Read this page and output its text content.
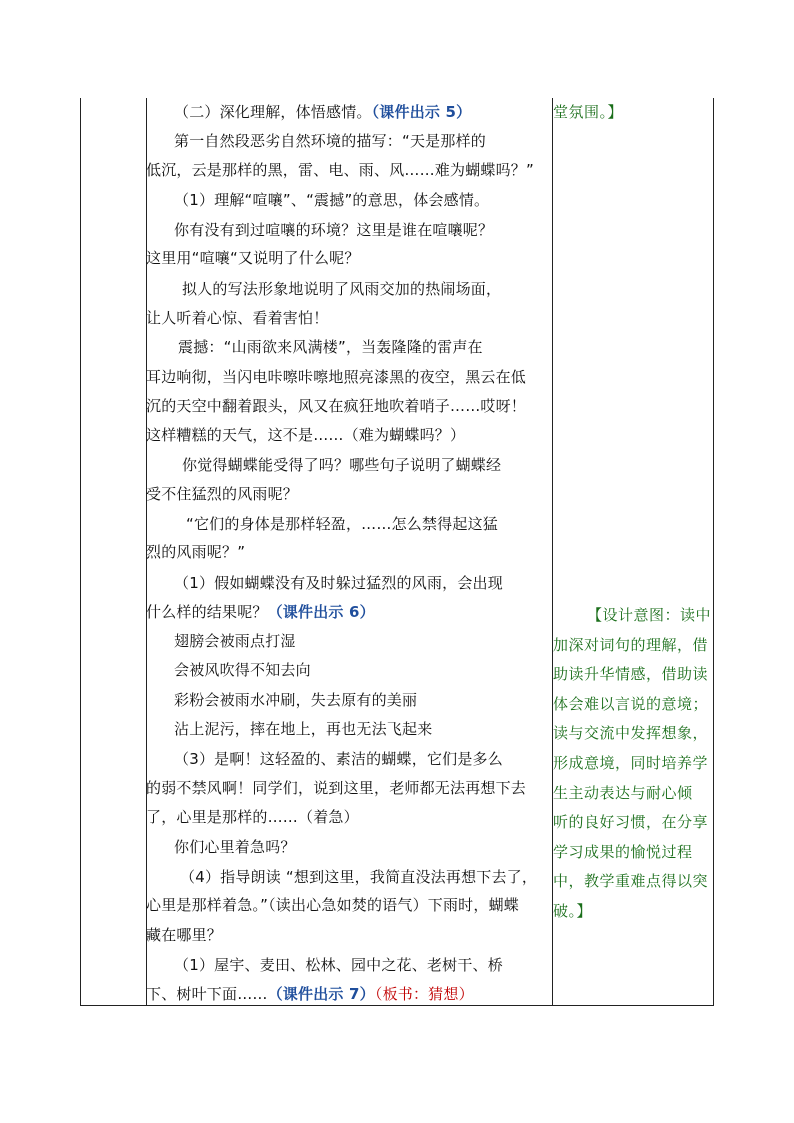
（二）深化理解，体悟感情。（课件出示 5）
第一自然段恶劣自然环境的描写：“天是那样的
低沉，云是那样的黑，雷、电、雨、风……难为蝴蝶吗？”
（1）理解“喧嚷”、“震撼”的意思，体会感情。
你有没有到过喧嚷的环境？这里是谁在喧嚷呢？
这里用“喧嚷“又说明了什么呢？
拟人的写法形象地说明了风雨交加的热闹场面，
让人听着心惊、看着害怕！
震撼：“山雨欲来风满楼”，当轰隆隆的雷声在
耳边响彻，当闪电咔嚓咔嚓地照亮漆黑的夜空，黑云在低
沉的天空中翻着跟头，风又在疯狂地吹着哨子……哎呀！
这样糟糕的天气，这不是……（难为蝴蝶吗？）
你觉得蝴蝶能受得了吗？哪些句子说明了蝴蝶经
受不住猛烈的风雨呢？
“它们的身体是那样轻盈，……怎么禁得起这猛
烈的风雨呢？”
（1）假如蝴蝶没有及时躲过猛烈的风雨，会出现
什么样的结果呢？（课件出示 6）
翅膀会被雨点打湿
会被风吹得不知去向
彩粉会被雨水冲刷，失去原有的美丽
沾上泥污，摔在地上，再也无法飞起来
（3）是啊！这轻盈的、素洁的蝴蝶，它们是多么
的弱不禁风啊！同学们，说到这里，老师都无法再想下去
了，心里是那样的……（着急）
你们心里着急吗？
（4）指导朗读 “想到这里，我简直没法再想下去了，
心里是那样着急。”（读出心急如焚的语气）下雨时，蝴蝶
藏在哪里？
（1）屋宇、麦田、松林、园中之花、老树干、桥
下、树叶下面……（课件出示 7）（板书：猜想）
堂氛围。】
【设计意图：读中
加深对词句的理解，借
助读升华情感，借助读
体会难以言说的意境；
读与交流中发挥想象，
形成意境，同时培养学
生主动表达与耐心倾
听的良好习惯，在分享
学习成果的愉悦过程
中，教学重难点得以突
破。】
